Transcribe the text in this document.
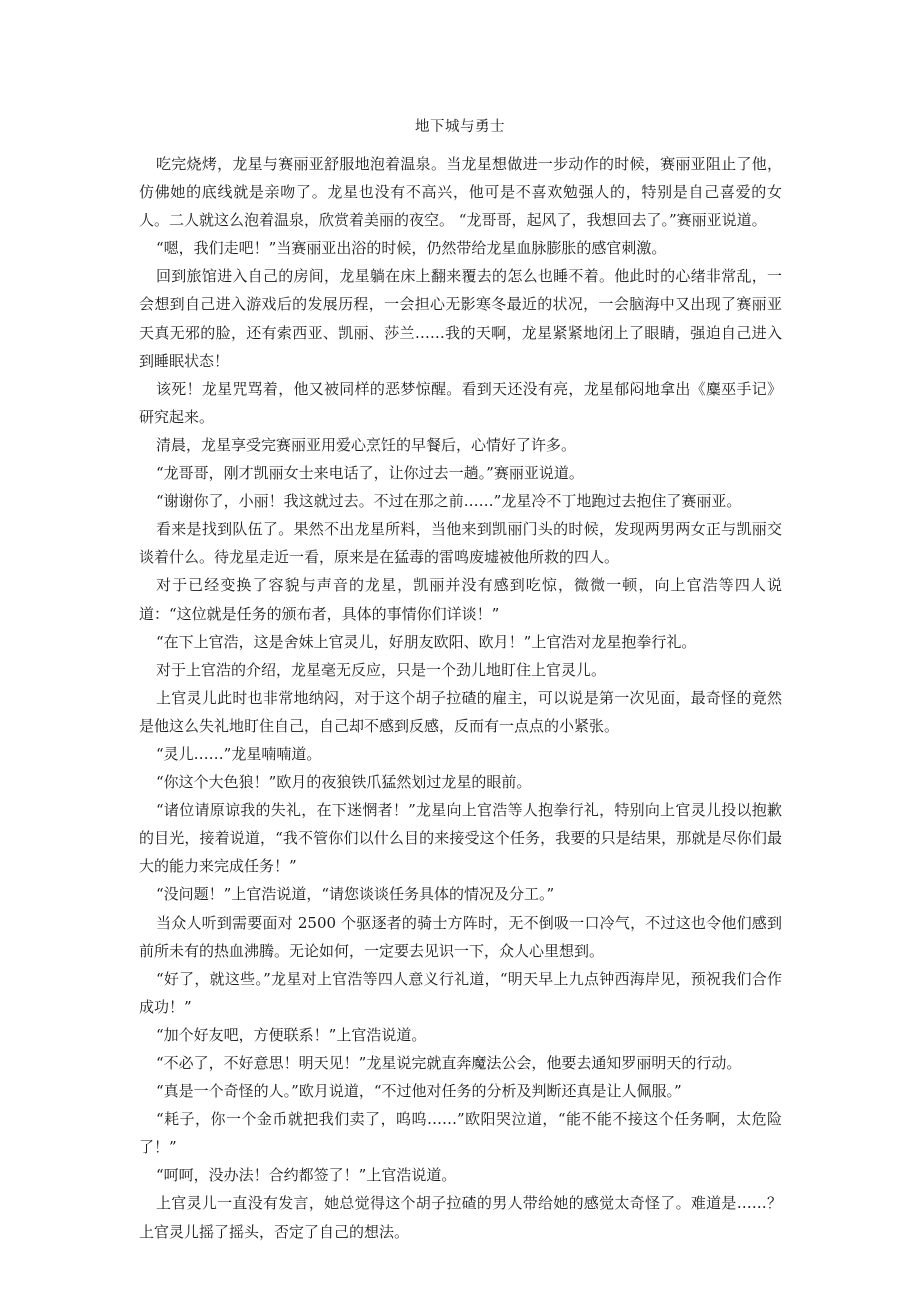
地下城与勇士

吃完烧烤，龙星与赛丽亚舒服地泡着温泉。当龙星想做进一步动作的时候，赛丽亚阻止了他，仿佛她的底线就是亲吻了。龙星也没有不高兴，他可是不喜欢勉强人的，特别是自己喜爱的女人。二人就这么泡着温泉，欣赏着美丽的夜空。 “龙哥哥，起风了，我想回去了。”赛丽亚说道。

“嗯，我们走吧！”当赛丽亚出浴的时候，仍然带给龙星血脉膨胀的感官刺激。

回到旅馆进入自己的房间，龙星躺在床上翻来覆去的怎么也睡不着。他此时的心绪非常乱，一会想到自己进入游戏后的发展历程，一会担心无影寒冬最近的状况，一会脑海中又出现了赛丽亚天真无邪的脸，还有索西亚、凯丽、莎兰……我的天啊，龙星紧紧地闭上了眼睛，强迫自己进入到睡眠状态！

该死！龙星咒骂着，他又被同样的恶梦惊醒。看到天还没有亮，龙星郁闷地拿出《麋巫手记》研究起来。

清晨，龙星享受完赛丽亚用爱心烹饪的早餐后，心情好了许多。

“龙哥哥，刚才凯丽女士来电话了，让你过去一趟。”赛丽亚说道。

“谢谢你了，小丽！我这就过去。不过在那之前……”龙星冷不丁地跑过去抱住了赛丽亚。

看来是找到队伍了。果然不出龙星所料，当他来到凯丽门头的时候，发现两男两女正与凯丽交谈着什么。待龙星走近一看，原来是在猛毒的雷鸣废墟被他所救的四人。

对于已经变换了容貌与声音的龙星，凯丽并没有感到吃惊，微微一顿，向上官浩等四人说道：“这位就是任务的颁布者，具体的事情你们详谈！”

“在下上官浩，这是舍妹上官灵儿，好朋友欧阳、欧月！”上官浩对龙星抱拳行礼。

对于上官浩的介绍，龙星毫无反应，只是一个劲儿地盯住上官灵儿。

上官灵儿此时也非常地纳闷，对于这个胡子拉碴的雇主，可以说是第一次见面，最奇怪的竟然是他这么失礼地盯住自己，自己却不感到反感，反而有一点点的小紧张。

“灵儿……”龙星喃喃道。

“你这个大色狼！”欧月的夜狼铁爪猛然划过龙星的眼前。

“诸位请原谅我的失礼，在下迷惘者！”龙星向上官浩等人抱拳行礼，特别向上官灵儿投以抱歉的目光，接着说道，“我不管你们以什么目的来接受这个任务，我要的只是结果，那就是尽你们最大的能力来完成任务！”

“没问题！”上官浩说道，“请您谈谈任务具体的情况及分工。”

当众人听到需要面对 2500 个驱逐者的骑士方阵时，无不倒吸一口冷气，不过这也令他们感到前所未有的热血沸腾。无论如何，一定要去见识一下，众人心里想到。

“好了，就这些。”龙星对上官浩等四人意义行礼道，“明天早上九点钟西海岸见，预祝我们合作成功！”

“加个好友吧，方便联系！”上官浩说道。

“不必了，不好意思！明天见！”龙星说完就直奔魔法公会，他要去通知罗丽明天的行动。

“真是一个奇怪的人。”欧月说道，“不过他对任务的分析及判断还真是让人佩服。”

“耗子，你一个金币就把我们卖了，呜呜……”欧阳哭泣道，“能不能不接这个任务啊，太危险了！”

“呵呵，没办法！合约都签了！”上官浩说道。

上官灵儿一直没有发言，她总觉得这个胡子拉碴的男人带给她的感觉太奇怪了。难道是……？上官灵儿摇了摇头，否定了自己的想法。
